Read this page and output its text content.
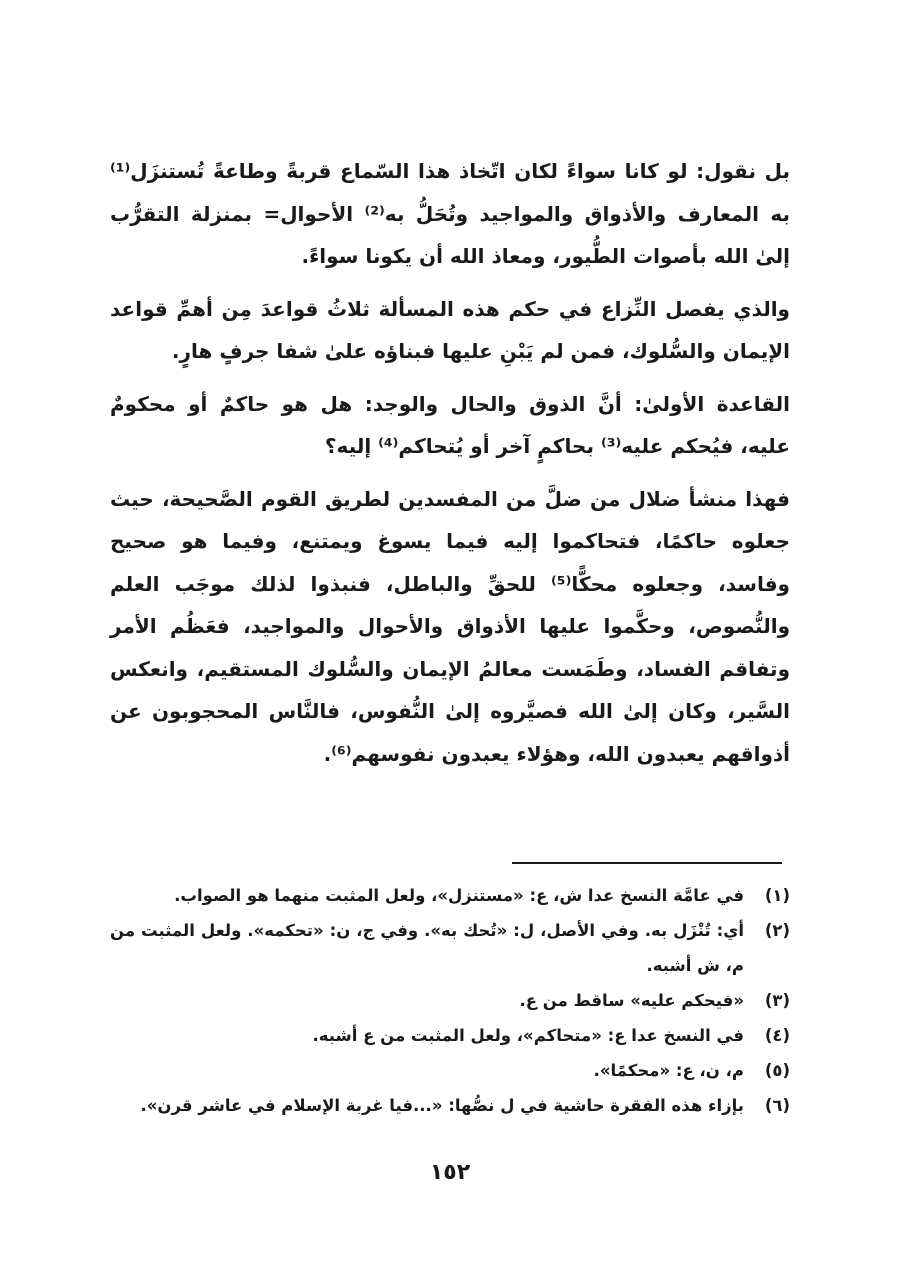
بل نقول: لو كانا سواءً لكان اتّخاذ هذا السّماع قربةً وطاعةً تُستنزَل⁽¹⁾ به المعارف والأذواق والمواجيد وتُحَلُّ به⁽²⁾ الأحوال= بمنزلة التقرُّب إلىٰ الله بأصوات الطُّيور، ومعاذ الله أن يكونا سواءً.

والذي يفصل النِّزاع في حكم هذه المسألة ثلاثُ قواعدَ مِن أهمِّ قواعد الإيمان والسُّلوك، فمن لم يَبْنِ عليها فبناؤه علىٰ شفا جرفٍ هارٍ.

القاعدة الأولىٰ: أنَّ الذوق والحال والوجد: هل هو حاكمٌ أو محكومٌ عليه، فيُحكم عليه⁽³⁾ بحاكمٍ آخر أو يُتحاكم⁽⁴⁾ إليه؟

فهذا منشأ ضلال من ضلَّ من المفسدين لطريق القوم الصَّحيحة، حيث جعلوه حاكمًا، فتحاكموا إليه فيما يسوغ ويمتنع، وفيما هو صحيح وفاسد، وجعلوه محكًّا⁽⁵⁾ للحقِّ والباطل، فنبذوا لذلك موجَب العلم والنُّصوص، وحكَّموا عليها الأذواق والأحوال والمواجيد، فعَظُم الأمر وتفاقم الفساد، وطَمَست معالمُ الإيمان والسُّلوك المستقيم، وانعكس السَّير، وكان إلىٰ الله فصيَّروه إلىٰ النُّفوس، فالنَّاس المحجوبون عن أذواقهم يعبدون الله، وهؤلاء يعبدون نفوسهم⁽⁶⁾.

(١)
في عامَّة النسخ عدا ش، ع: «مستنزل»، ولعل المثبت منهما هو الصواب.
(٢)
أي: تُنْزَل به. وفي الأصل، ل: «تُحك به». وفي ج، ن: «تحكمه». ولعل المثبت من م، ش أشبه.
(٣)
«فيحكم عليه» ساقط من ع.
(٤)
في النسخ عدا ع: «متحاكم»، ولعل المثبت من ع أشبه.
(٥)
م، ن، ع: «محكمًا».
(٦)
بإزاء هذه الفقرة حاشية في ل نصُّها: «...فيا غربة الإسلام في عاشر قرن».
١٥٢
